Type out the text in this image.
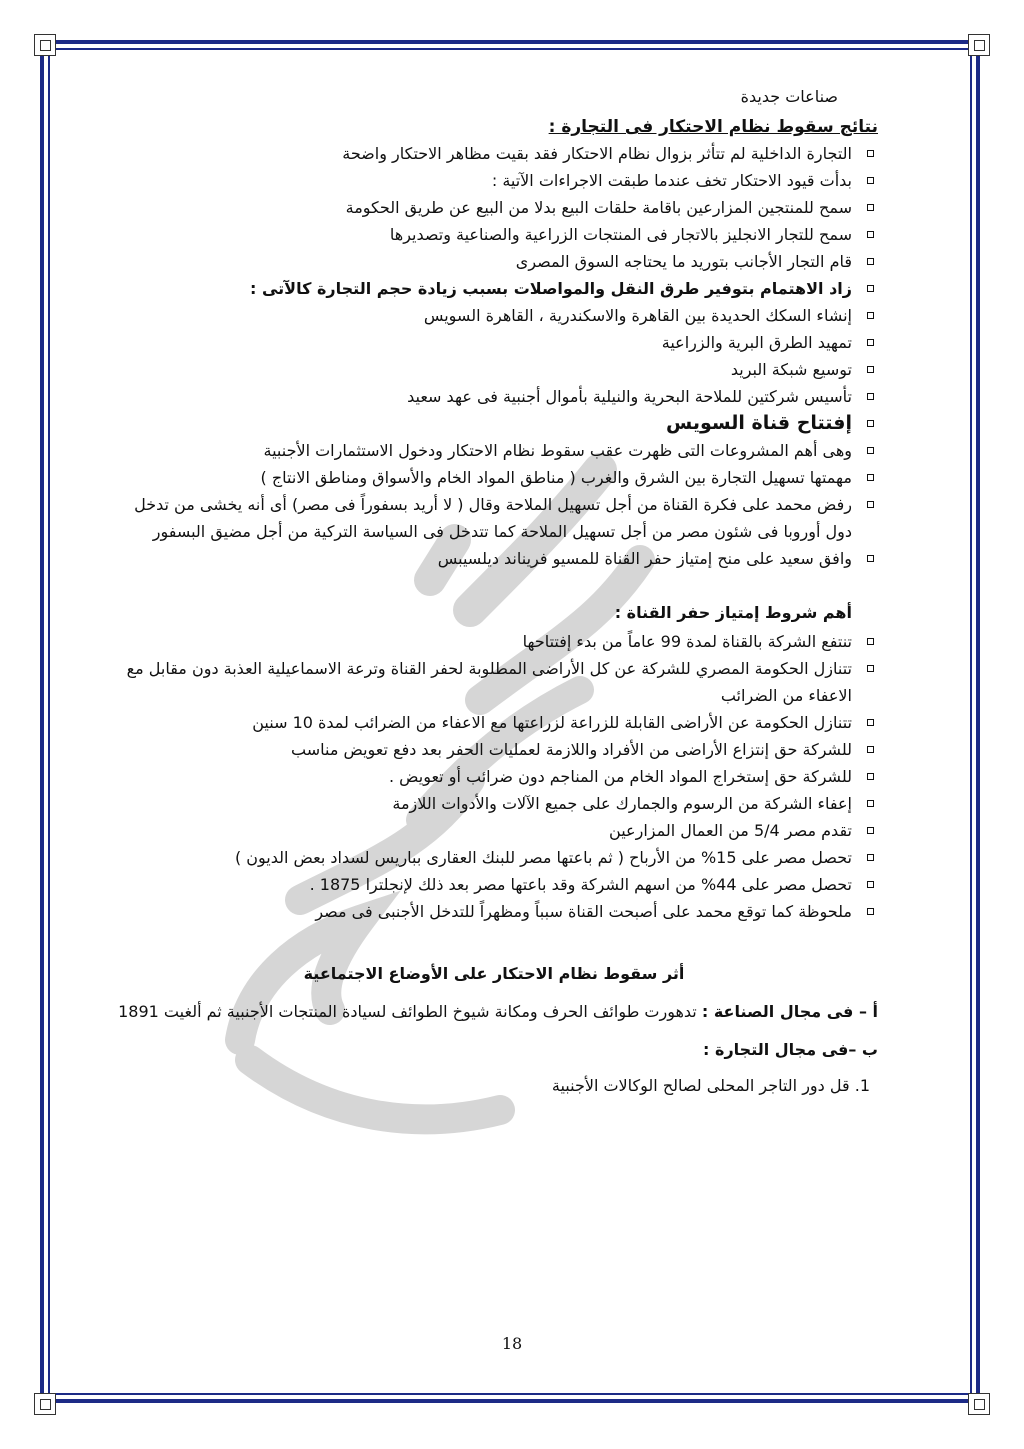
صناعات جديدة
نتائج سقوط نظام الاحتكار فى التجارة :
التجارة الداخلية لم تتأثر بزوال نظام الاحتكار فقد بقيت مظاهر الاحتكار واضحة
بدأت قيود الاحتكار تخف عندما طبقت الاجراءات الآتية :
سمح للمنتجين المزارعين باقامة حلقات البيع بدلا من البيع عن طريق الحكومة
سمح للتجار الانجليز بالاتجار فى المنتجات الزراعية والصناعية وتصديرها
قام التجار الأجانب بتوريد ما يحتاجه السوق المصرى
زاد الاهتمام بتوفير طرق النقل والمواصلات بسبب زيادة حجم التجارة كالآتى :
إنشاء السكك الحديدة بين القاهرة والاسكندرية ، القاهرة السويس
تمهيد الطرق البرية والزراعية
توسيع شبكة البريد
تأسيس شركتين للملاحة البحرية والنيلية بأموال أجنبية فى عهد سعيد
إفتتاح قناة السويس
وهى أهم المشروعات التى ظهرت عقب سقوط نظام الاحتكار ودخول الاستثمارات الأجنبية
مهمتها تسهيل التجارة بين الشرق والغرب ( مناطق المواد الخام والأسواق ومناطق الانتاج )
رفض محمد على فكرة القناة من أجل تسهيل الملاحة وقال ( لا أريد بسفوراً فى مصر) أى أنه يخشى من تدخل دول أوروبا فى شئون مصر من أجل تسهيل الملاحة كما تتدخل فى السياسة التركية من أجل مضيق البسفور
وافق سعيد على منح إمتياز حفر القناة للمسيو فريناند ديلسيبس
أهم شروط إمتياز حفر القناة :
تنتفع الشركة بالقناة لمدة 99 عاماً من بدء إفتتاحها
تتنازل الحكومة المصري للشركة عن كل الأراضى المطلوبة لحفر القناة وترعة الاسماعيلية العذبة دون مقابل مع الاعفاء من الضرائب
تتنازل الحكومة عن الأراضى القابلة للزراعة لزراعتها مع الاعفاء من الضرائب لمدة 10 سنين
للشركة حق إنتزاع الأراضى من الأفراد واللازمة لعمليات الحفر بعد دفع تعويض مناسب
للشركة حق إستخراج المواد الخام من المناجم دون ضرائب أو تعويض .
إعفاء الشركة من الرسوم والجمارك على جميع الآلات والأدوات اللازمة
تقدم مصر 5/4 من العمال المزارعين
تحصل مصر على 15% من الأرباح ( ثم باعتها مصر للبنك العقارى بباريس لسداد بعض الديون )
تحصل مصر على 44% من اسهم الشركة وقد باعتها مصر بعد ذلك لإنجلترا 1875 .
ملحوظة كما توقع محمد على أصبحت القناة سبباً ومظهراً للتدخل الأجنبى فى مصر
أثر سقوط نظام الاحتكار على الأوضاع الاجتماعية
أ – فى مجال الصناعة : تدهورت طوائف الحرف ومكانة شيوخ الطوائف لسيادة المنتجات الأجنبية ثم ألغيت 1891
ب –فى مجال التجارة :
1. قل دور التاجر المحلى لصالح الوكالات الأجنبية
18
